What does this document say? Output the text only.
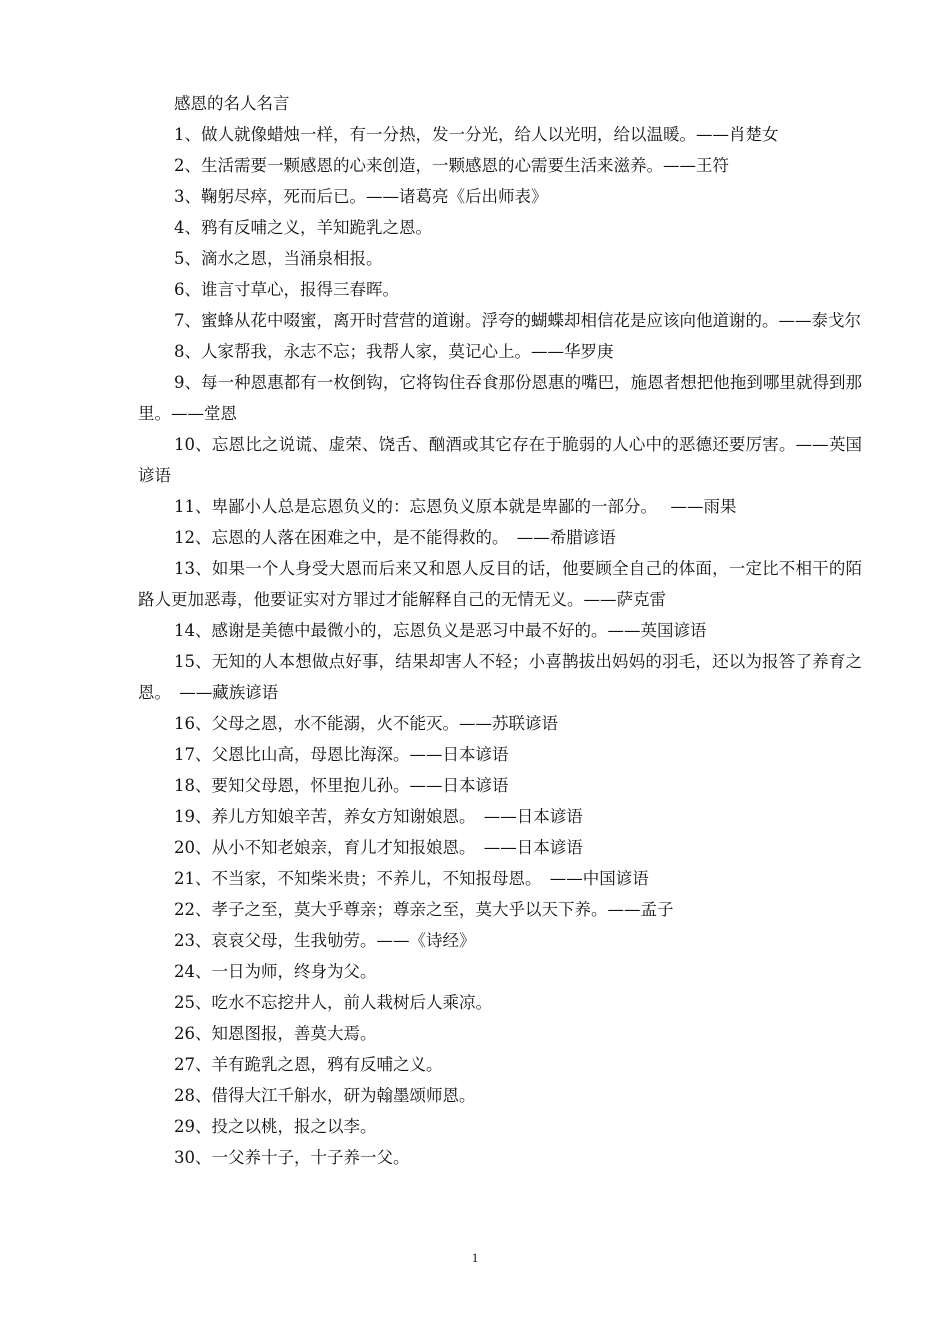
感恩的名人名言

1、做人就像蜡烛一样，有一分热，发一分光，给人以光明，给以温暖。——肖楚女

2、生活需要一颗感恩的心来创造，一颗感恩的心需要生活来滋养。——王符

3、鞠躬尽瘁，死而后已。——诸葛亮《后出师表》

4、鸦有反哺之义，羊知跪乳之恩。

5、滴水之恩，当涌泉相报。

6、谁言寸草心，报得三春晖。

7、蜜蜂从花中啜蜜，离开时营营的道谢。浮夸的蝴蝶却相信花是应该向他道谢的。——泰戈尔

8、人家帮我，永志不忘；我帮人家，莫记心上。——华罗庚

9、每一种恩惠都有一枚倒钩，它将钩住吞食那份恩惠的嘴巴，施恩者想把他拖到哪里就得到那里。——堂恩

10、忘恩比之说谎、虚荣、饶舌、酗酒或其它存在于脆弱的人心中的恶德还要厉害。——英国谚语

11、卑鄙小人总是忘恩负义的：忘恩负义原本就是卑鄙的一部分。　 ——雨果

12、忘恩的人落在困难之中，是不能得救的。　——希腊谚语

13、如果一个人身受大恩而后来又和恩人反目的话，他要顾全自己的体面，一定比不相干的陌路人更加恶毒，他要证实对方罪过才能解释自己的无情无义。——萨克雷

14、感谢是美德中最微小的，忘恩负义是恶习中最不好的。——英国谚语

15、无知的人本想做点好事，结果却害人不轻；小喜鹊拔出妈妈的羽毛，还以为报答了养育之恩。　——藏族谚语

16、父母之恩，水不能溺，火不能灭。——苏联谚语

17、父恩比山高，母恩比海深。——日本谚语

18、要知父母恩，怀里抱儿孙。——日本谚语

19、养儿方知娘辛苦，养女方知谢娘恩。　——日本谚语

20、从小不知老娘亲，育儿才知报娘恩。　——日本谚语

21、不当家，不知柴米贵；不养儿，不知报母恩。　——中国谚语

22、孝子之至，莫大乎尊亲；尊亲之至，莫大乎以天下养。——孟子

23、哀哀父母，生我劬劳。——《诗经》

24、一日为师，终身为父。

25、吃水不忘挖井人，前人栽树后人乘凉。

26、知恩图报，善莫大焉。

27、羊有跪乳之恩，鸦有反哺之义。

28、借得大江千斛水，研为翰墨颂师恩。

29、投之以桃，报之以李。

30、一父养十子，十子养一父。

1
